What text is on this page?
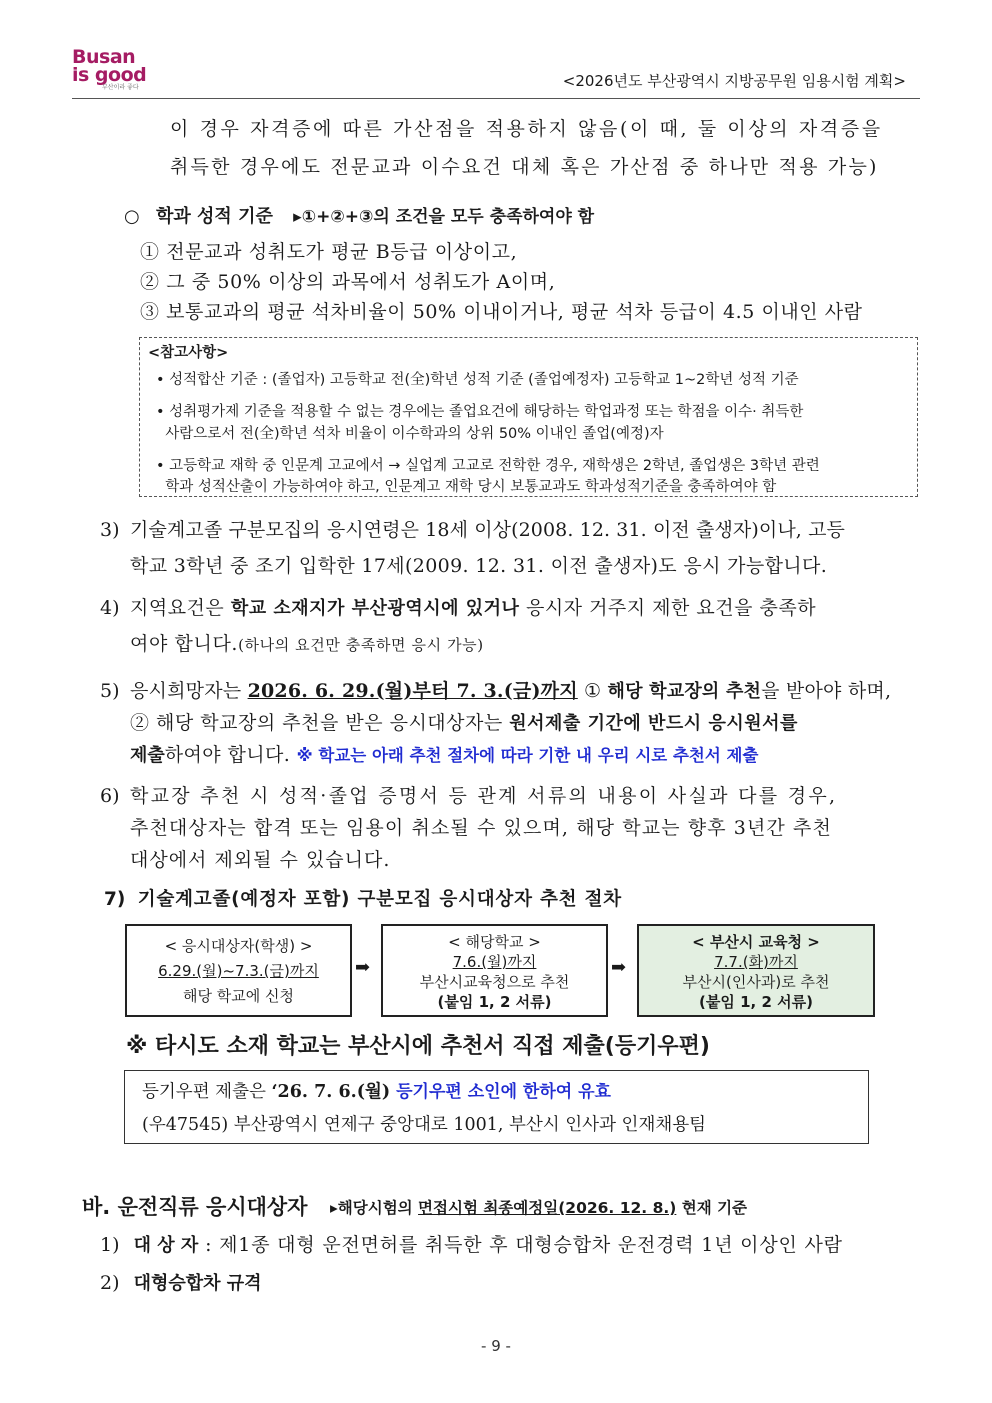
Busan
is good
부산이라 좋다	<2026년도 부산광역시 지방공무원 임용시험 계획>
이 경우 자격증에 따른 가산점을 적용하지 않음(이 때, 둘 이상의 자격증을
취득한 경우에도 전문교과 이수요건 대체 혹은 가산점 중 하나만 적용 가능)
○ 학과 성적 기준 ▸①+②+③의 조건을 모두 충족하여야 함
① 전문교과 성취도가 평균 B등급 이상이고,
② 그 중 50% 이상의 과목에서 성취도가 A이며,
③ 보통교과의 평균 석차비율이 50% 이내이거나, 평균 석차 등급이 4.5 이내인 사람
<참고사항>
• 성적합산 기준 : (졸업자) 고등학교 전(全)학년 성적 기준 (졸업예정자) 고등학교 1~2학년 성적 기준
• 성취평가제 기준을 적용할 수 없는 경우에는 졸업요건에 해당하는 학업과정 또는 학점을 이수· 취득한
사람으로서 전(全)학년 석차 비율이 이수학과의 상위 50% 이내인 졸업(예정)자
• 고등학교 재학 중 인문계 고교에서 → 실업계 고교로 전학한 경우, 재학생은 2학년, 졸업생은 3학년 관련
학과 성적산출이 가능하여야 하고, 인문계고 재학 당시 보통교과도 학과성적기준을 충족하여야 함
3) 기술계고졸 구분모집의 응시연령은 18세 이상(2008. 12. 31. 이전 출생자)이나, 고등
학교 3학년 중 조기 입학한 17세(2009. 12. 31. 이전 출생자)도 응시 가능합니다.
4) 지역요건은 학교 소재지가 부산광역시에 있거나 응시자 거주지 제한 요건을 충족하
여야 합니다.(하나의 요건만 충족하면 응시 가능)
5) 응시희망자는 2026. 6. 29.(월)부터 7. 3.(금)까지 ① 해당 학교장의 추천을 받아야 하며,
② 해당 학교장의 추천을 받은 응시대상자는 원서제출 기간에 반드시 응시원서를
제출하여야 합니다. ※ 학교는 아래 추천 절차에 따라 기한 내 우리 시로 추천서 제출
6) 학교장 추천 시 성적·졸업 증명서 등 관계 서류의 내용이 사실과 다를 경우,
추천대상자는 합격 또는 임용이 취소될 수 있으며, 해당 학교는 향후 3년간 추천
대상에서 제외될 수 있습니다.
7) 기술계고졸(예정자 포함) 구분모집 응시대상자 추천 절차
< 응시대상자(학생) >
6.29.(월)~7.3.(금)까지
해당 학교에 신청
➡
< 해당학교 >
7.6.(월)까지
부산시교육청으로 추천
(붙임 1, 2 서류)
➡
< 부산시 교육청 >
7.7.(화)까지
부산시(인사과)로 추천
(붙임 1, 2 서류)
※ 타시도 소재 학교는 부산시에 추천서 직접 제출(등기우편)
등기우편 제출은 ‘26. 7. 6.(월) 등기우편 소인에 한하여 유효
(우47545) 부산광역시 연제구 중앙대로 1001, 부산시 인사과 인재채용팀
바. 운전직류 응시대상자 ▸해당시험의 면접시험 최종예정일(2026. 12. 8.) 현재 기준
1) 대 상 자 : 제1종 대형 운전면허를 취득한 후 대형승합차 운전경력 1년 이상인 사람
2) 대형승합차 규격
- 9 -
